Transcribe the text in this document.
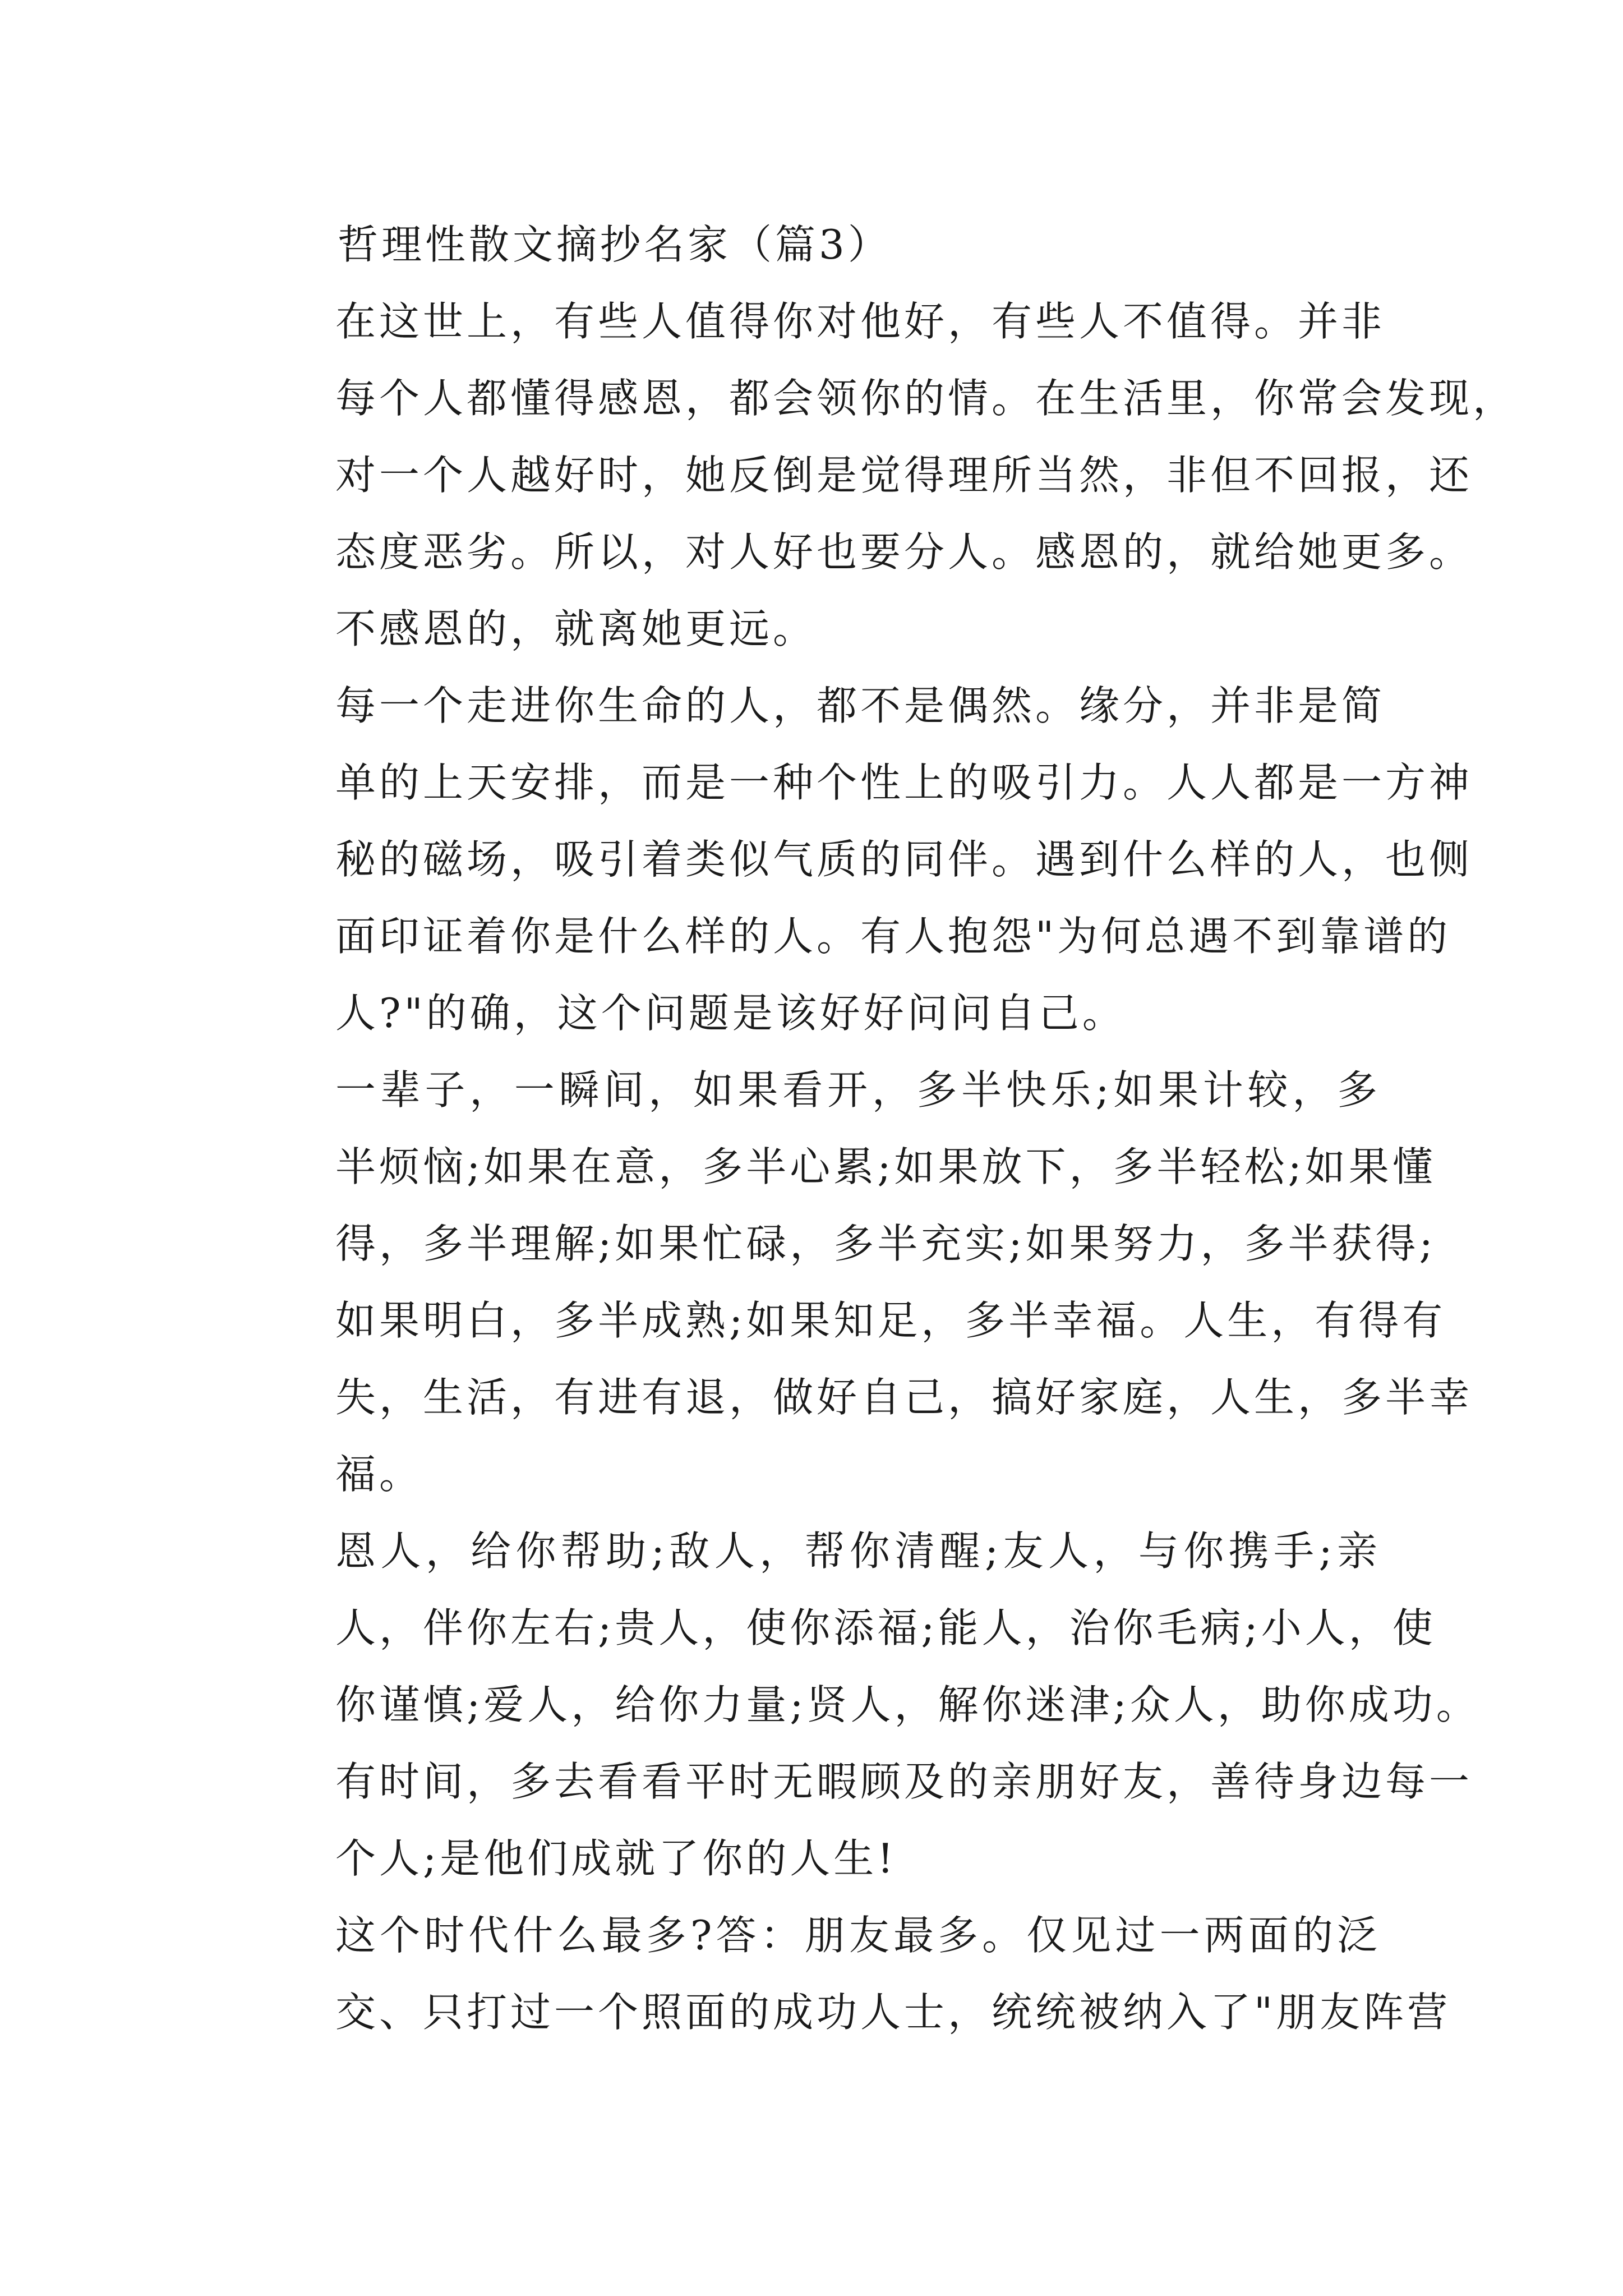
哲理性散文摘抄名家（篇3）

在这世上，有些人值得你对他好，有些人不值得。并非
每个人都懂得感恩，都会领你的情。在生活里，你常会发现，
对一个人越好时，她反倒是觉得理所当然，非但不回报，还
态度恶劣。所以，对人好也要分人。感恩的，就给她更多。
不感恩的，就离她更远。

每一个走进你生命的人，都不是偶然。缘分，并非是简
单的上天安排，而是一种个性上的吸引力。人人都是一方神
秘的磁场，吸引着类似气质的同伴。遇到什么样的人，也侧
面印证着你是什么样的人。有人抱怨"为何总遇不到靠谱的
人?"的确，这个问题是该好好问问自己。

一辈子，一瞬间，如果看开，多半快乐;如果计较，多
半烦恼;如果在意，多半心累;如果放下，多半轻松;如果懂
得，多半理解;如果忙碌，多半充实;如果努力，多半获得;
如果明白，多半成熟;如果知足，多半幸福。人生，有得有
失，生活，有进有退，做好自己，搞好家庭，人生，多半幸
福。

恩人，给你帮助;敌人，帮你清醒;友人，与你携手;亲
人，伴你左右;贵人，使你添福;能人，治你毛病;小人，使
你谨慎;爱人，给你力量;贤人，解你迷津;众人，助你成功。
有时间，多去看看平时无暇顾及的亲朋好友，善待身边每一
个人;是他们成就了你的人生!

这个时代什么最多?答：朋友最多。仅见过一两面的泛
交、只打过一个照面的成功人士，统统被纳入了"朋友阵营
